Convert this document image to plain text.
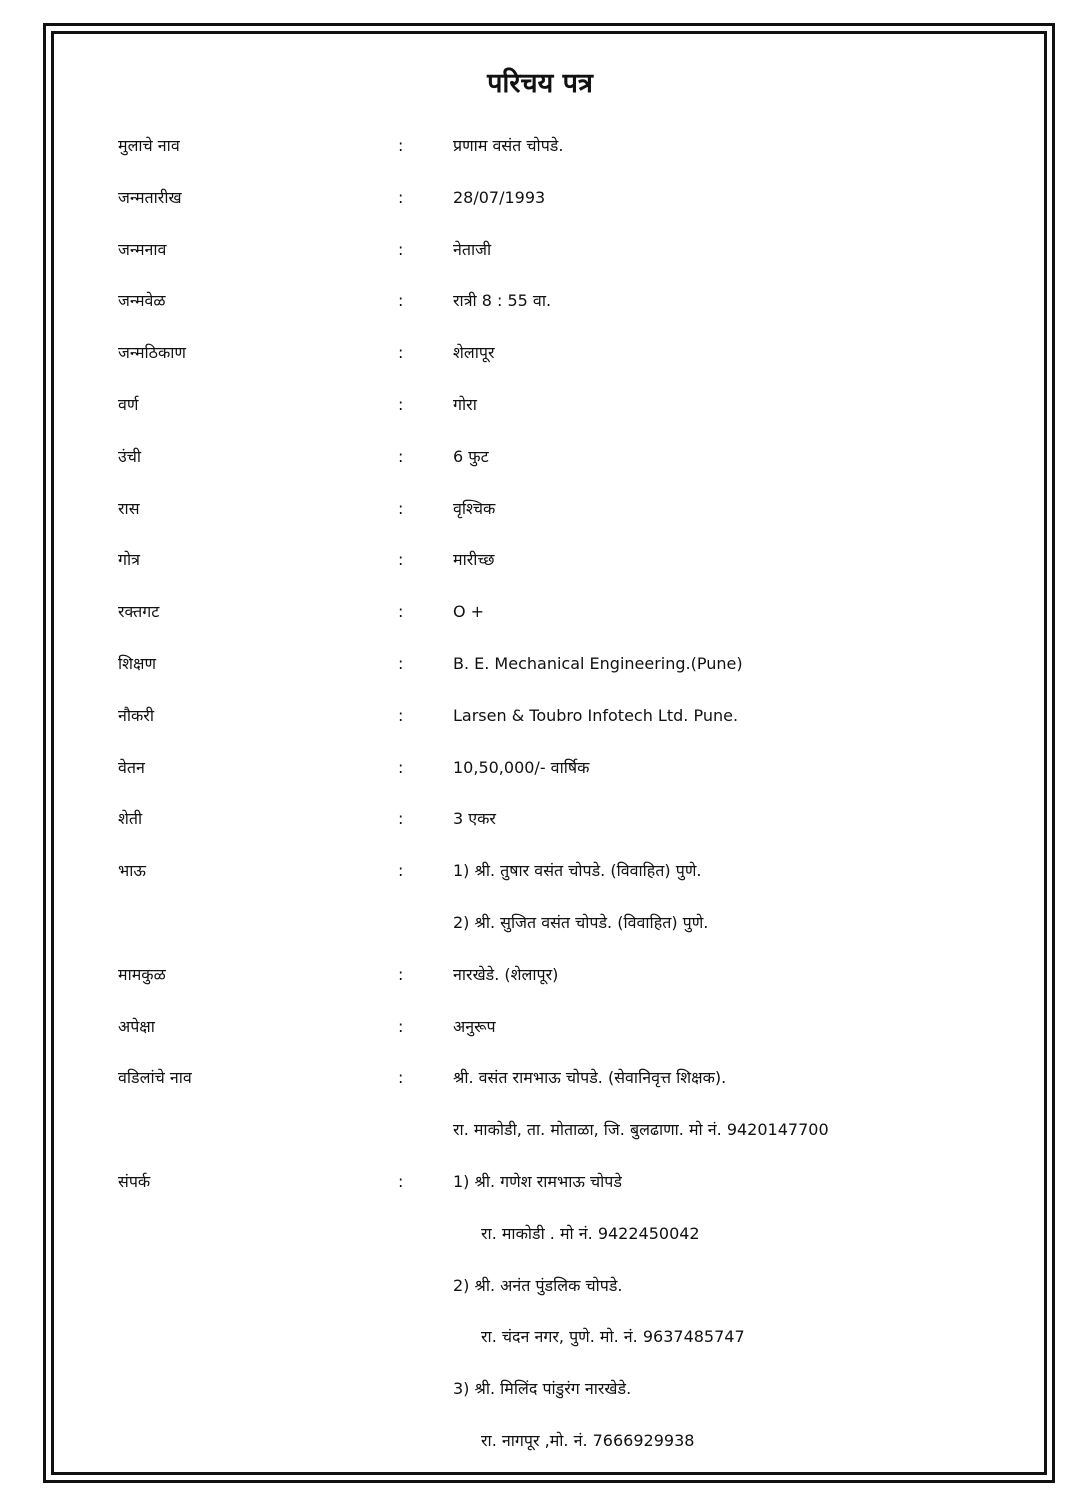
परिचय पत्र
मुलाचे नाव	:	प्रणाम वसंत चोपडे.
जन्मतारीख	:	28/07/1993
जन्मनाव	:	नेताजी
जन्मवेळ	:	रात्री 8 : 55 वा.
जन्मठिकाण	:	शेलापूर
वर्ण	:	गोरा
उंची	:	6 फुट
रास	:	वृश्चिक
गोत्र	:	मारीच्छ
रक्तगट	:	O +
शिक्षण	:	B. E. Mechanical Engineering.(Pune)
नौकरी	:	Larsen & Toubro Infotech Ltd. Pune.
वेतन	:	10,50,000/- वार्षिक
शेती	:	3 एकर
भाऊ	:	1) श्री. तुषार वसंत चोपडे. (विवाहित) पुणे.
2) श्री. सुजित वसंत चोपडे. (विवाहित) पुणे.
मामकुळ	:	नारखेडे. (शेलापूर)
अपेक्षा	:	अनुरूप
वडिलांचे नाव	:	श्री. वसंत रामभाऊ चोपडे. (सेवानिवृत्त शिक्षक).
रा. माकोडी, ता. मोताळा, जि. बुलढाणा. मो नं. 9420147700
संपर्क	:	1) श्री. गणेश रामभाऊ चोपडे
रा. माकोडी . मो नं. 9422450042
2) श्री. अनंत पुंडलिक चोपडे.
रा. चंदन नगर, पुणे. मो. नं. 9637485747
3) श्री. मिलिंद पांडुरंग नारखेडे.
रा. नागपूर ,मो. नं. 7666929938
